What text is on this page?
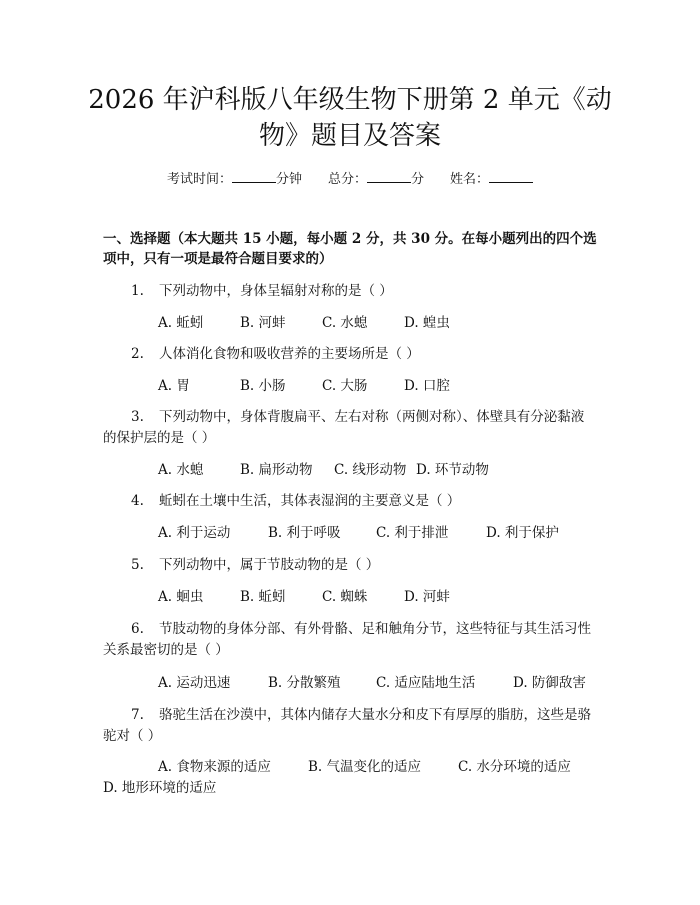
2026 年沪科版八年级生物下册第 2 单元《动
物》题目及答案
考试时间：	分钟 总分：	分 姓名：
一、选择题（本大题共 15 小题，每小题 2 分，共 30 分。在每小题列出的四个选
项中，只有一项是最符合题目要求的）
1. 下列动物中，身体呈辐射对称的是（ ）
A. 蚯蚓	B. 河蚌	C. 水螅	D. 蝗虫
2. 人体消化食物和吸收营养的主要场所是（ ）
A. 胃	B. 小肠	C. 大肠	D. 口腔
3. 下列动物中，身体背腹扁平、左右对称（两侧对称）、体壁具有分泌黏液
的保护层的是（ ）
A. 水螅	B. 扁形动物 C. 线形动物 D. 环节动物
4. 蚯蚓在土壤中生活，其体表湿润的主要意义是（ ）
A. 利于运动	B. 利于呼吸	C. 利于排泄	D. 利于保护
5. 下列动物中，属于节肢动物的是（ ）
A. 蛔虫	B. 蚯蚓	C. 蜘蛛	D. 河蚌
6. 节肢动物的身体分部、有外骨骼、足和触角分节，这些特征与其生活习性
关系最密切的是（ ）
A. 运动迅速	B. 分散繁殖	C. 适应陆地生活	D. 防御敌害
7. 骆驼生活在沙漠中，其体内储存大量水分和皮下有厚厚的脂肪，这些是骆
驼对（ ）
A. 食物来源的适应	B. 气温变化的适应	C. 水分环境的适应
D. 地形环境的适应
